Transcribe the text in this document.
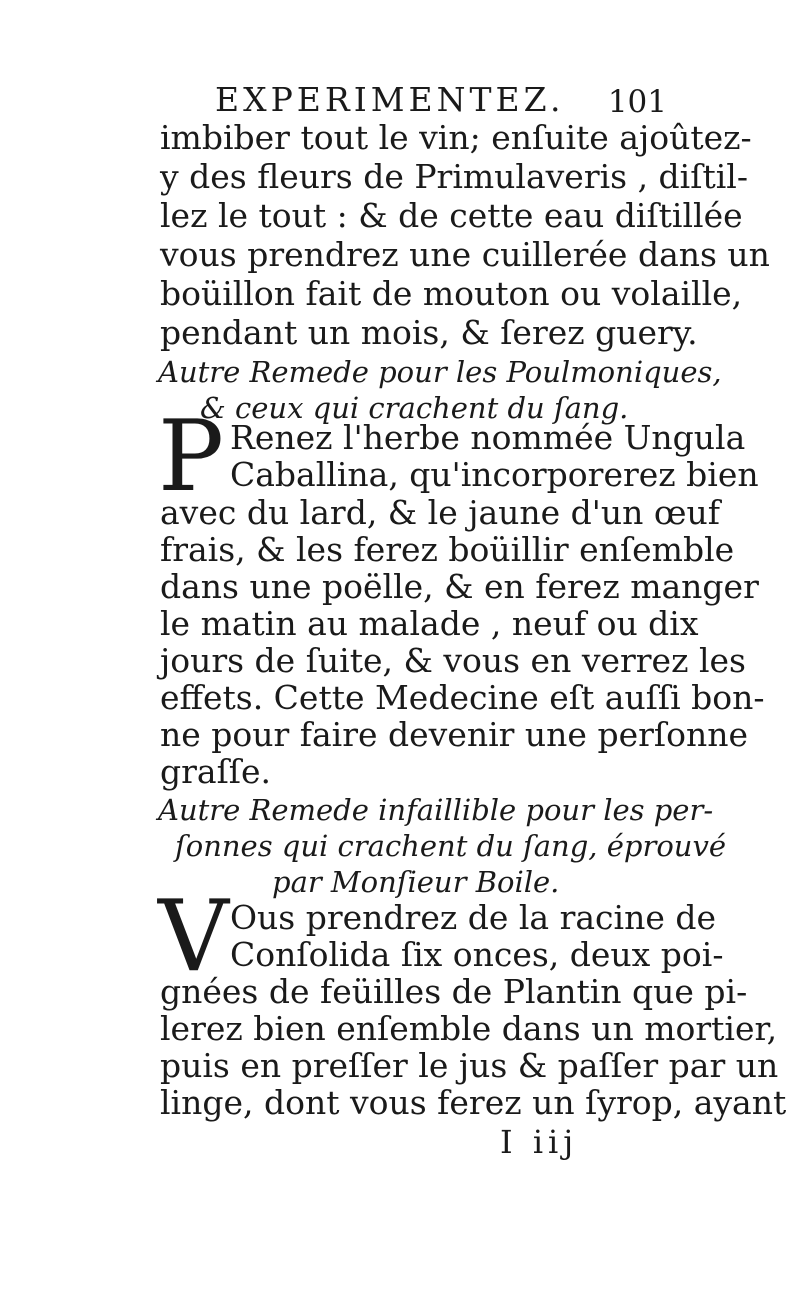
EXPERIMENTEZ. 101
imbiber tout le vin; enſuite ajoûtez-
y des fleurs de Primulaveris , diſtil-
lez le tout : & de cette eau diſtillée
vous prendrez une cuillerée dans un
boüillon fait de mouton ou volaille,
pendant un mois, & ſerez guery.
Autre Remede pour les Poulmoniques,
& ceux qui crachent du ſang.
P Renez l'herbe nommée Ungula
Caballina, qu'incorporerez bien
avec du lard, & le jaune d'un œuf
frais, & les ferez boüillir enſemble
dans une poëlle, & en ferez manger
le matin au malade , neuf ou dix
jours de ſuite, & vous en verrez les
effets. Cette Medecine eſt auſſi bon-
ne pour faire devenir une perſonne
graſſe.
Autre Remede infaillible pour les per-
ſonnes qui crachent du ſang, éprouvé
par Monſieur Boile.
V Ous prendrez de la racine de
Conſolida ſix onces, deux poi-
gnées de feüilles de Plantin que pi-
lerez bien enſemble dans un mortier,
puis en preſſer le jus & paſſer par un
linge, dont vous ferez un ſyrop, ayant
I iij
